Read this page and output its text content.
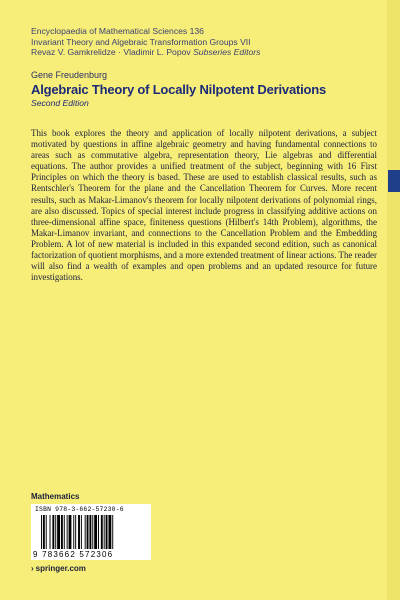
Encyclopaedia of Mathematical Sciences 136
Invariant Theory and Algebraic Transformation Groups VII
Revaz V. Gamkrelidze · Vladimir L. Popov Subseries Editors
Gene Freudenburg
Algebraic Theory of Locally Nilpotent Derivations
Second Edition
This book explores the theory and application of locally nilpotent derivations, a subject motivated by questions in affine algebraic geometry and having fundamental connections to areas such as commutative algebra, representation theory, Lie algebras and differential equations. The author provides a unified treatment of the subject, beginning with 16 First Principles on which the theory is based. These are used to establish classical results, such as Rentschler's Theorem for the plane and the Cancellation Theorem for Curves. More recent results, such as Makar-Limanov's theorem for locally nilpotent derivations of polynomial rings, are also discussed. Topics of special interest include progress in classifying additive actions on three-dimensional affine space, finiteness questions (Hilbert's 14th Problem), algorithms, the Makar-Limanov invariant, and connections to the Cancellation Problem and the Embedding Problem. A lot of new material is included in this expanded second edition, such as canonical factorization of quotient morphisms, and a more extended treatment of linear actions. The reader will also find a wealth of examples and open problems and an updated resource for future investigations.
Mathematics
ISBN 978-3-662-57230-6
9 783662 572306
› springer.com
